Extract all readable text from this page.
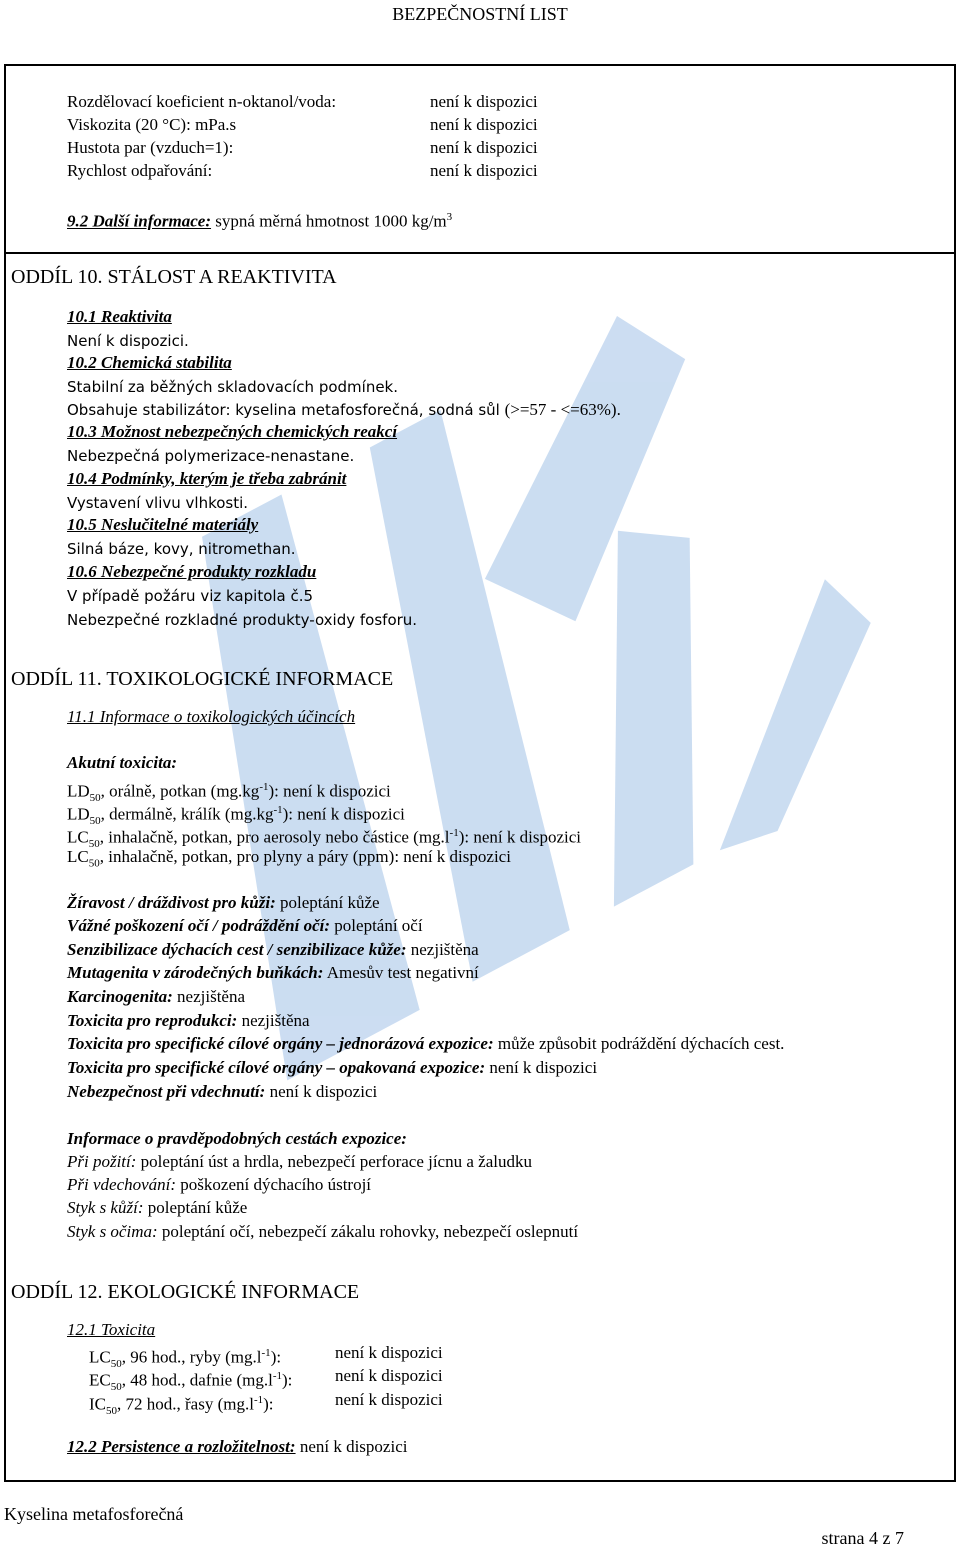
BEZPEČNOSTNÍ LIST
Rozdělovací koeficient n-oktanol/voda:	není k dispozici
Viskozita (20 °C): mPa.s	není k dispozici
Hustota par (vzduch=1):	není k dispozici
Rychlost odpařování:	není k dispozici
9.2 Další informace: sypná měrná hmotnost 1000 $kg/m^3$
ODDÍL 10. STÁLOST A REAKTIVITA
10.1 Reaktivita
Není k dispozici.
10.2 Chemická stabilita
Stabilní za běžných skladovacích podmínek.
Obsahuje stabilizátor: kyselina metafosforečná, sodná sůl (>=57 - <=63%).
10.3 Možnost nebezpečných chemických reakcí
Nebezpečná polymerizace-nenastane.
10.4 Podmínky, kterým je třeba zabránit
Vystavení vlivu vlhkosti.
10.5 Neslučitelné materiály
Silná báze, kovy, nitromethan.
10.6 Nebezpečné produkty rozkladu
V případě požáru viz kapitola č.5
Nebezpečné rozkladné produkty-oxidy fosforu.
ODDÍL 11. TOXIKOLOGICKÉ INFORMACE
11.1 Informace o toxikologických účincích
Akutní toxicita:
$LD_{50}$, orálně, potkan $(mg.kg^{-1})$: není k dispozici
$LD_{50}$, dermálně, králík $(mg.kg^{-1})$: není k dispozici
$LC_{50}$, inhalačně, potkan, pro aerosoly nebo částice $(mg.l^{-1})$: není k dispozici
$LC_{50}$, inhalačně, potkan, pro plyny a páry (ppm): není k dispozici
Žíravost / dráždivost pro kůži: poleptání kůže
Vážné poškození očí / podráždění očí: poleptání očí
Senzibilizace dýchacích cest / senzibilizace kůže: nezjištěna
Mutagenita v zárodečných buňkách: Amesův test negativní
Karcinogenita: nezjištěna
Toxicita pro reprodukci: nezjištěna
Toxicita pro specifické cílové orgány – jednorázová expozice: může způsobit podráždění dýchacích cest.
Toxicita pro specifické cílové orgány – opakovaná expozice: není k dispozici
Nebezpečnost při vdechnutí: není k dispozici
Informace o pravděpodobných cestách expozice:
Při požití: poleptání úst a hrdla, nebezpečí perforace jícnu a žaludku
Při vdechování: poškození dýchacího ústrojí
Styk s kůží: poleptání kůže
Styk s očima: poleptání očí, nebezpečí zákalu rohovky, nebezpečí oslepnutí
ODDÍL 12. EKOLOGICKÉ INFORMACE
12.1 Toxicita
$LC_{50}$, 96 hod., ryby $(mg.l^{-1})$:	není k dispozici
$EC_{50}$, 48 hod., dafnie $(mg.l^{-1})$:	není k dispozici
$IC_{50}$, 72 hod., řasy $(mg.l^{-1})$:	není k dispozici
12.2 Persistence a rozložitelnost: není k dispozici
Kyselina metafosforečná
strana 4 z 7
